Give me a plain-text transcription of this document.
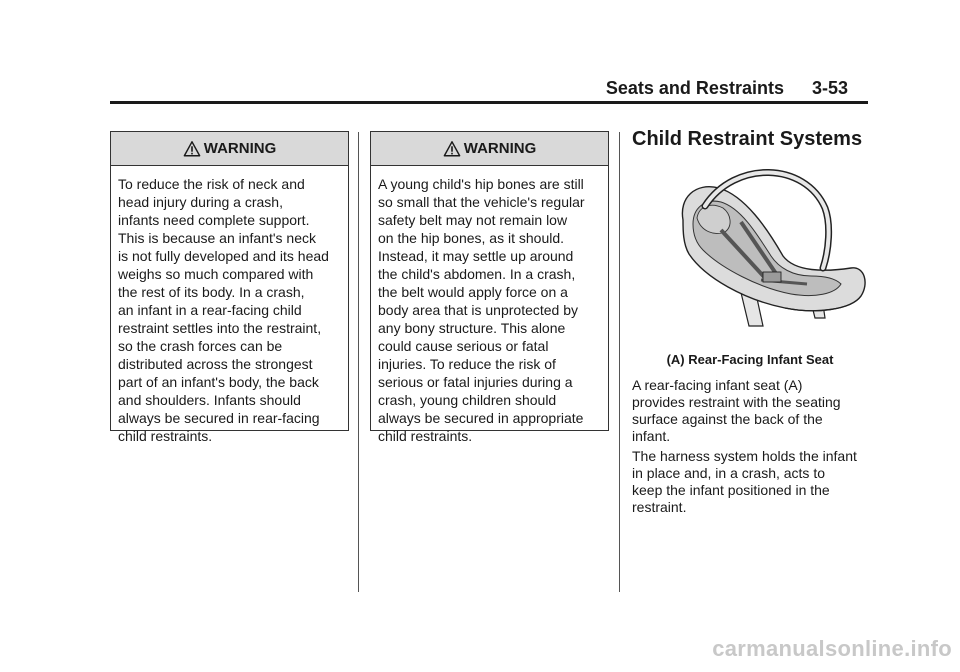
Seats and Restraints 3-53
WARNING
To reduce the risk of neck and
head injury during a crash,
infants need complete support.
This is because an infant's neck
is not fully developed and its head
weighs so much compared with
the rest of its body. In a crash,
an infant in a rear-facing child
restraint settles into the restraint,
so the crash forces can be
distributed across the strongest
part of an infant's body, the back
and shoulders. Infants should
always be secured in rear-facing
child restraints.
WARNING
A young child's hip bones are still
so small that the vehicle's regular
safety belt may not remain low
on the hip bones, as it should.
Instead, it may settle up around
the child's abdomen. In a crash,
the belt would apply force on a
body area that is unprotected by
any bony structure. This alone
could cause serious or fatal
injuries. To reduce the risk of
serious or fatal injuries during a
crash, young children should
always be secured in appropriate
child restraints.
Child Restraint Systems
(A) Rear-Facing Infant Seat
A rear-facing infant seat (A)
provides restraint with the seating
surface against the back of the
infant.
The harness system holds the infant
in place and, in a crash, acts to
keep the infant positioned in the
restraint.
carmanualsonline.info
